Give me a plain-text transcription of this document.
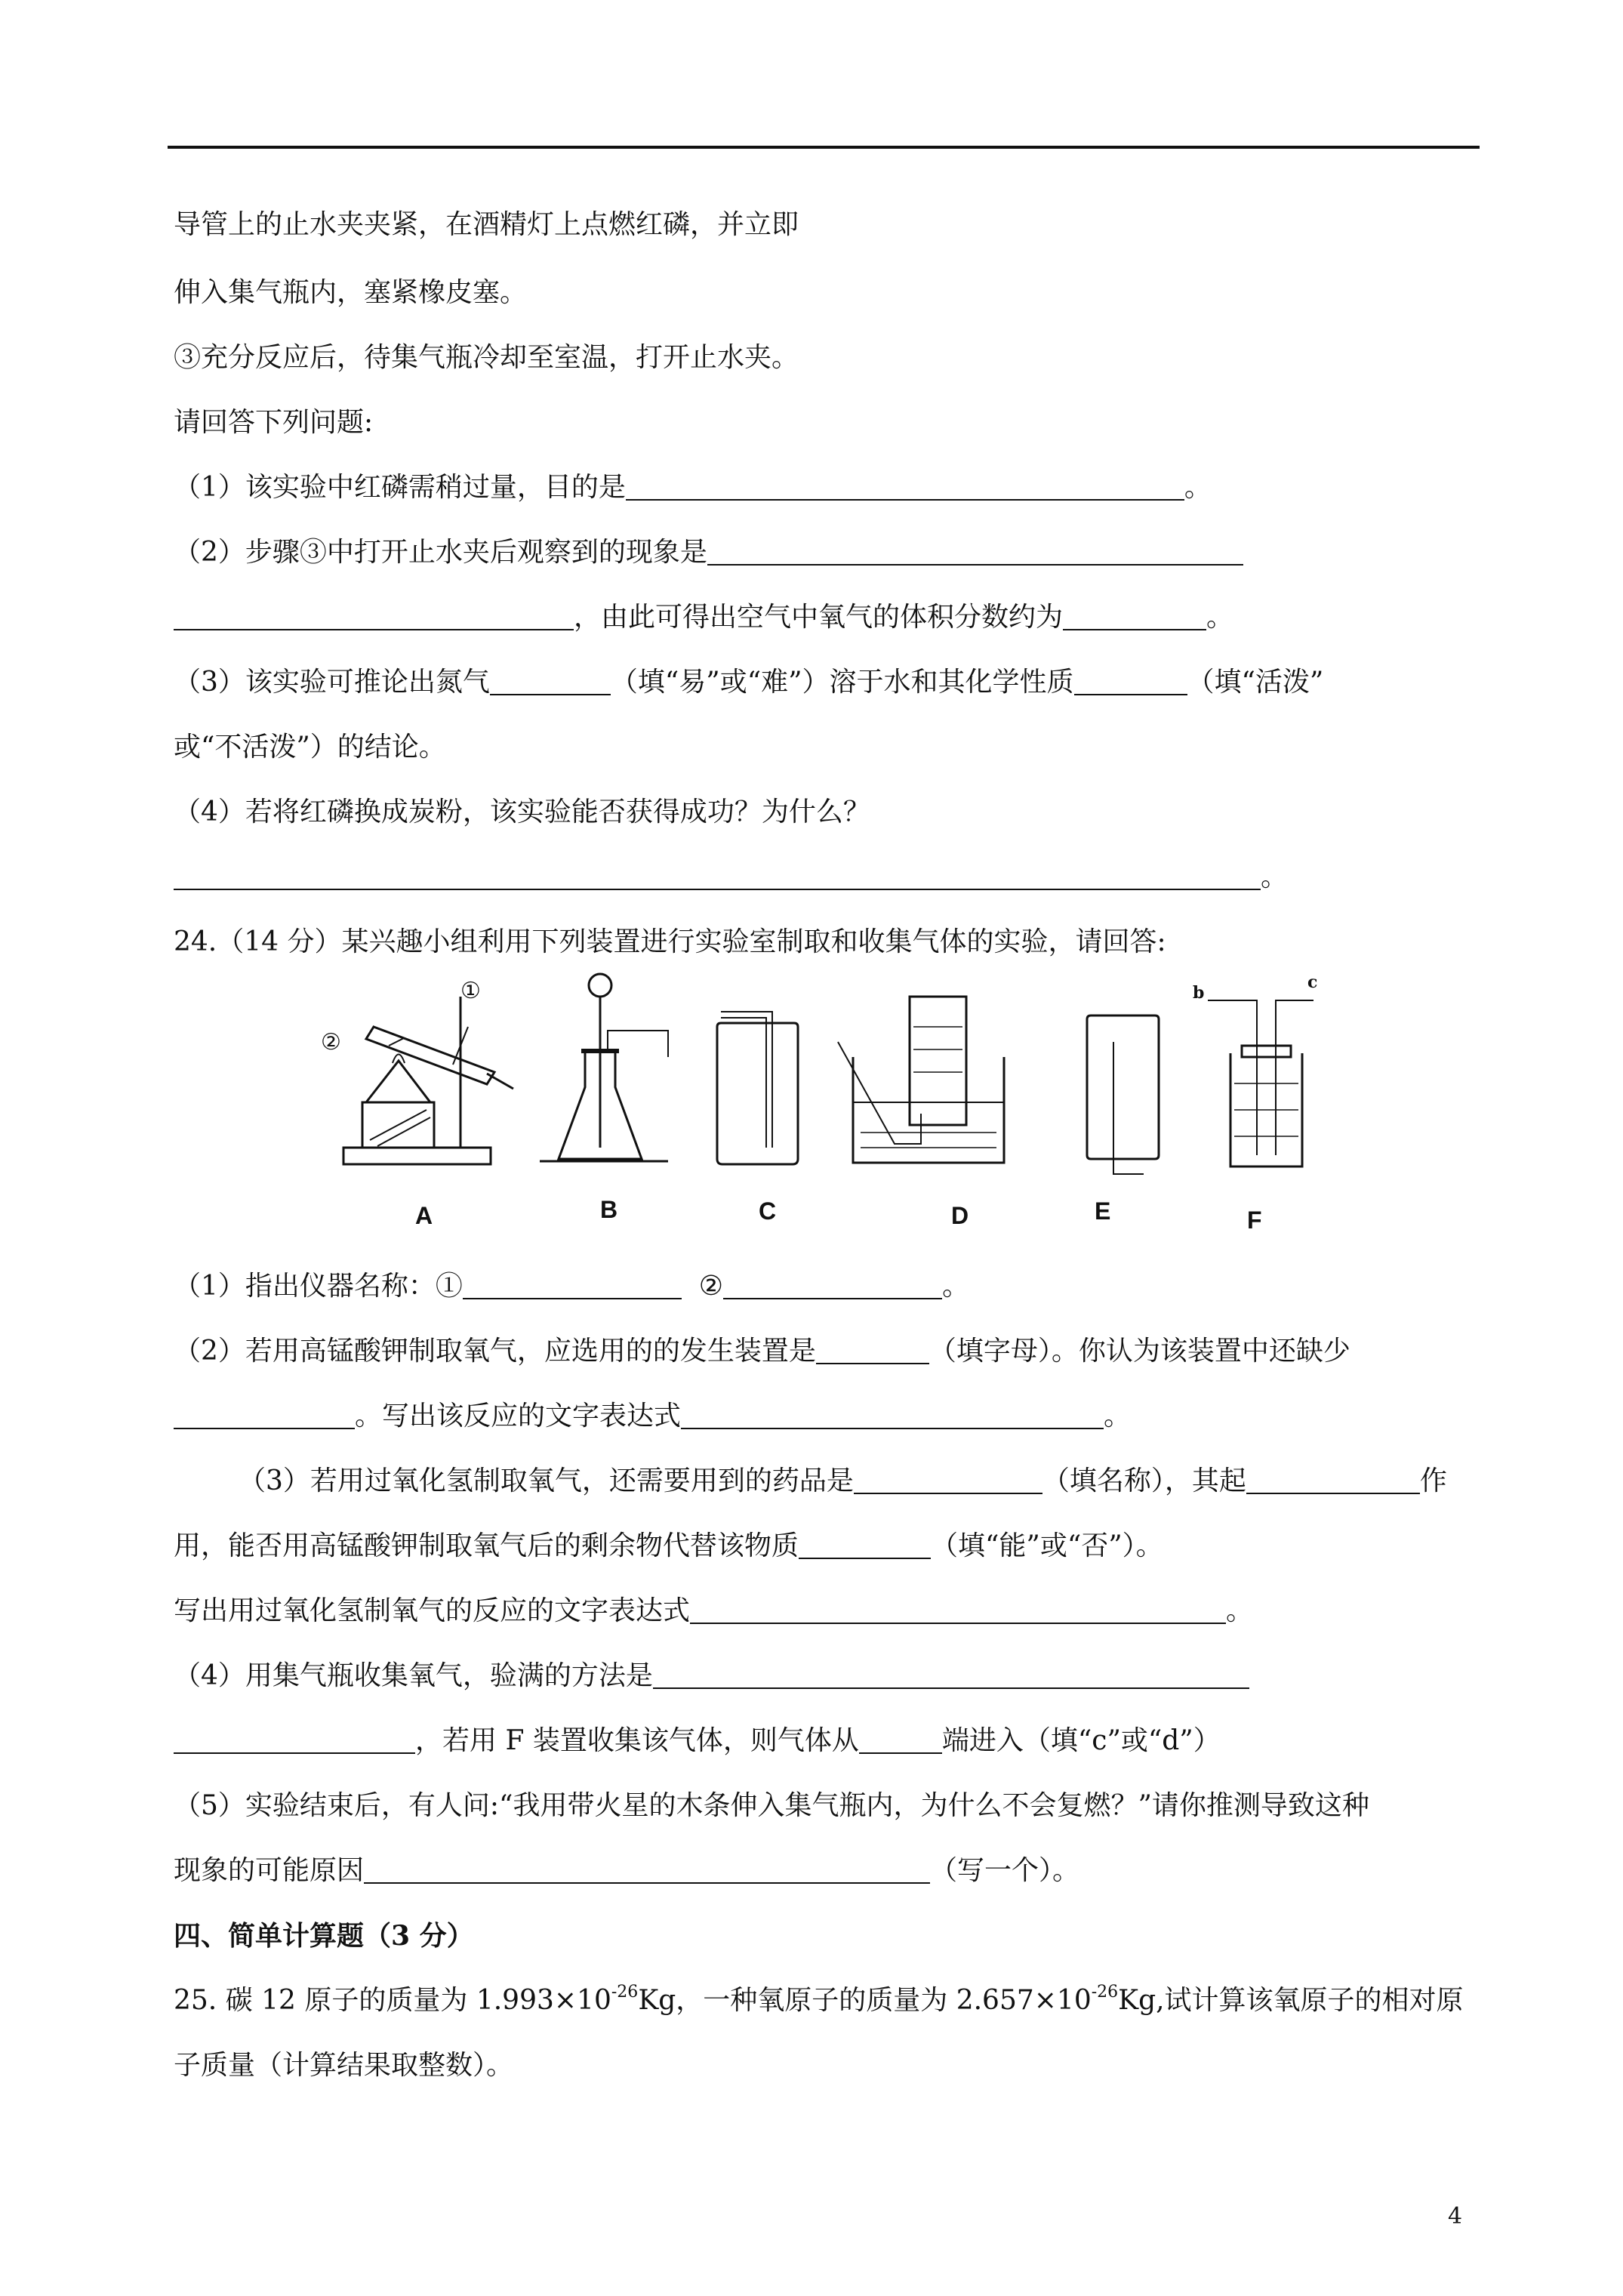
导管上的止水夹夹紧，在酒精灯上点燃红磷，并立即
伸入集气瓶内，塞紧橡皮塞。
③充分反应后，待集气瓶冷却至室温，打开止水夹。
请回答下列问题:
（1）该实验中红磷需稍过量，目的是	。
（2）步骤③中打开止水夹后观察到的现象是
，由此可得出空气中氧气的体积分数约为	。
（3）该实验可推论出氮气	（填“易”或“难”）溶于水和其化学性质	（填“活泼”
或“不活泼”）的结论。
（4）若将红磷换成炭粉，该实验能否获得成功？为什么？
。
24.（14 分）某兴趣小组利用下列装置进行实验室制取和收集气体的实验，请回答:
①
②
b
c
A	B	C	D	E	F
（1）指出仪器名称：①	②	。
（2）若用高锰酸钾制取氧气，应选用的的发生装置是	（填字母）。你认为该装置中还缺少
。写出该反应的文字表达式	。
（3）若用过氧化氢制取氧气，还需要用到的药品是	（填名称），其起	作
用，能否用高锰酸钾制取氧气后的剩余物代替该物质	（填“能”或“否”）。
写出用过氧化氢制氧气的反应的文字表达式	。
（4）用集气瓶收集氧气，验满的方法是
，若用 F 装置收集该气体，则气体从	端进入（填“c”或“d”）
（5）实验结束后，有人问:“我用带火星的木条伸入集气瓶内，为什么不会复燃？”请你推测导致这种
现象的可能原因	（写一个）。
四、简单计算题（3 分）
25. 碳 12 原子的质量为 $1.993\times 10^{-26}Kg$，一种氧原子的质量为 $2.657\times 10^{-26}Kg$,试计算该氧原子的相对原
子质量（计算结果取整数）。
4
